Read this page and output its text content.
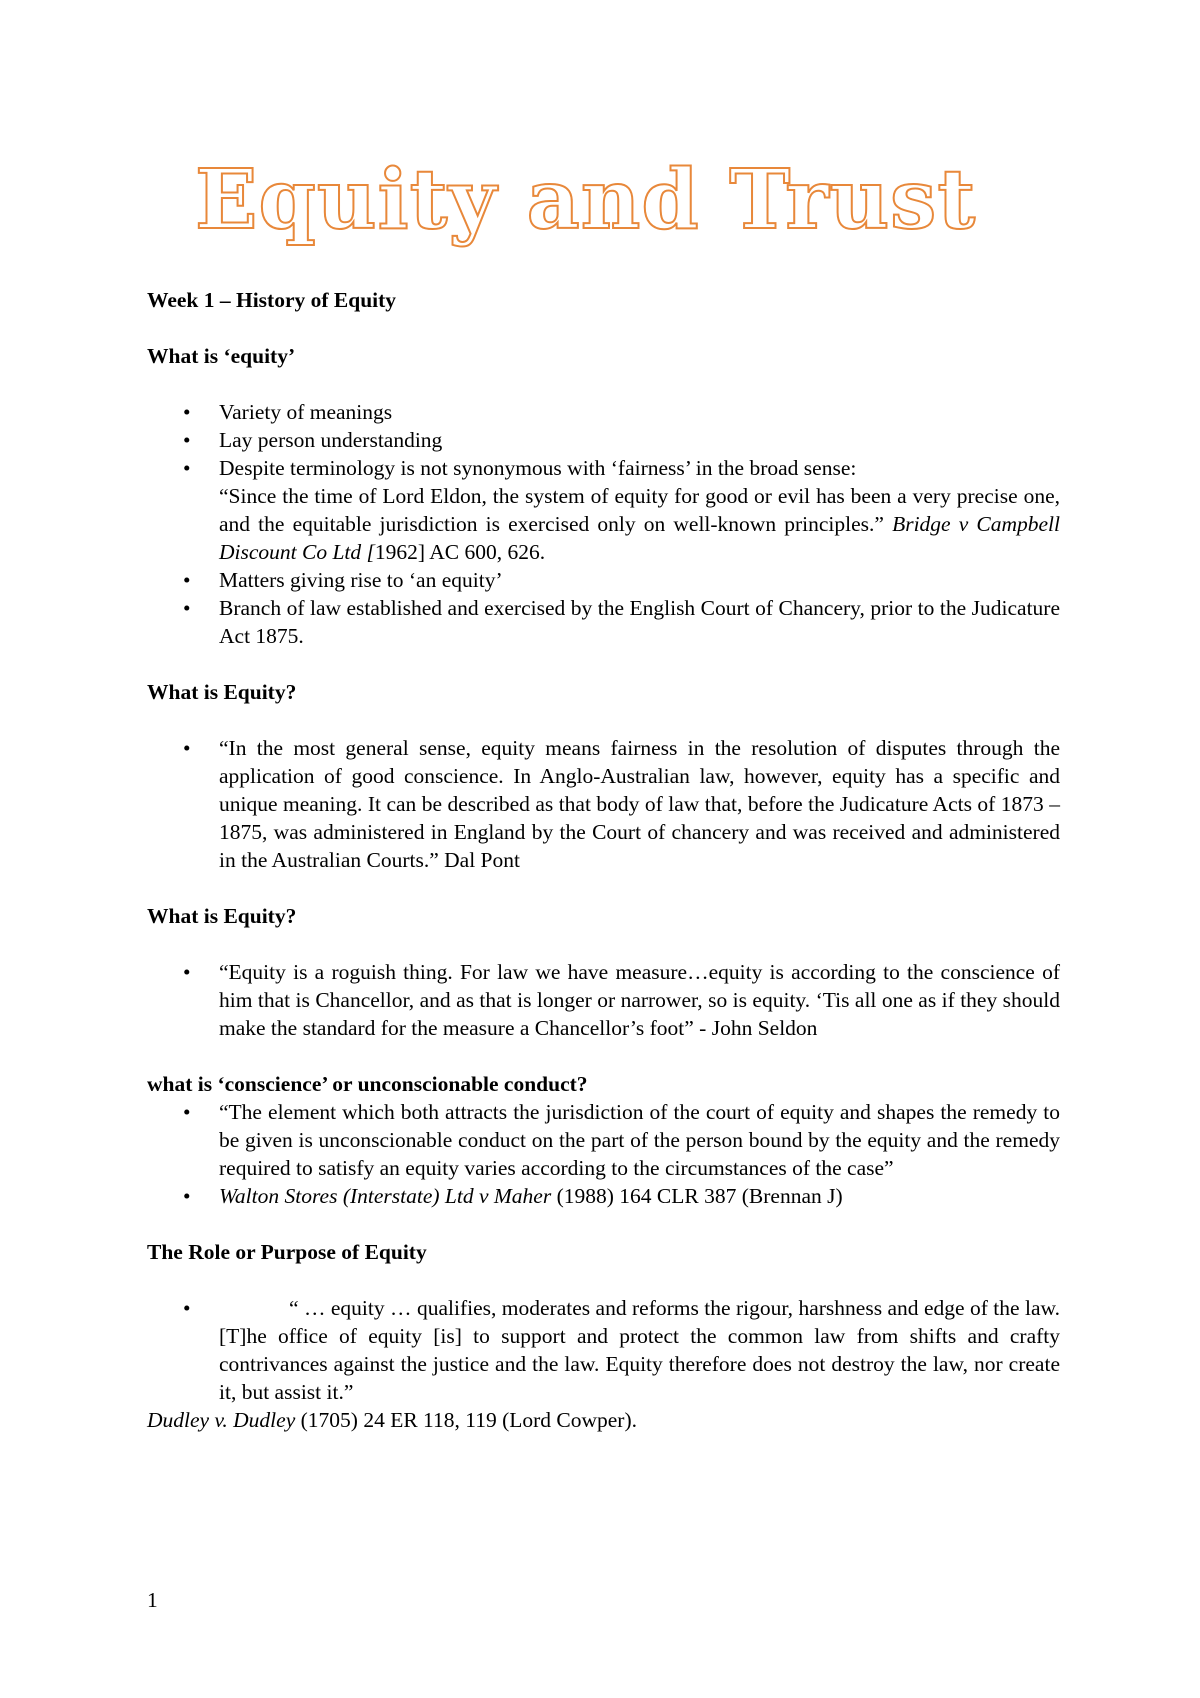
Equity and Trust
Week 1 – History of Equity
What is ‘equity’
• Variety of meanings
• Lay person understanding
• Despite terminology is not synonymous with ‘fairness’ in the broad sense:
“Since the time of Lord Eldon, the system of equity for good or evil has been a very precise one, and the equitable jurisdiction is exercised only on well-known principles.” Bridge v Campbell Discount Co Ltd [1962] AC 600, 626.
• Matters giving rise to ‘an equity’
• Branch of law established and exercised by the English Court of Chancery, prior to the Judicature Act 1875.
What is Equity?
• “In the most general sense, equity means fairness in the resolution of disputes through the application of good conscience. In Anglo-Australian law, however, equity has a specific and unique meaning. It can be described as that body of law that, before the Judicature Acts of 1873 – 1875, was administered in England by the Court of chancery and was received and administered in the Australian Courts.” Dal Pont
What is Equity?
• “Equity is a roguish thing. For law we have measure…equity is according to the conscience of him that is Chancellor, and as that is longer or narrower, so is equity. ‘Tis all one as if they should make the standard for the measure a Chancellor’s foot” - John Seldon
what is ‘conscience’ or unconscionable conduct?
• “The element which both attracts the jurisdiction of the court of equity and shapes the remedy to be given is unconscionable conduct on the part of the person bound by the equity and the remedy required to satisfy an equity varies according to the circumstances of the case”
• Walton Stores (Interstate) Ltd v Maher (1988) 164 CLR 387 (Brennan J)
The Role or Purpose of Equity
•	“ … equity … qualifies, moderates and reforms the rigour, harshness and edge of the law. [T]he office of equity [is] to support and protect the common law from shifts and crafty contrivances against the justice and the law. Equity therefore does not destroy the law, nor create it, but assist it.”
Dudley v. Dudley (1705) 24 ER 118, 119 (Lord Cowper).
1
